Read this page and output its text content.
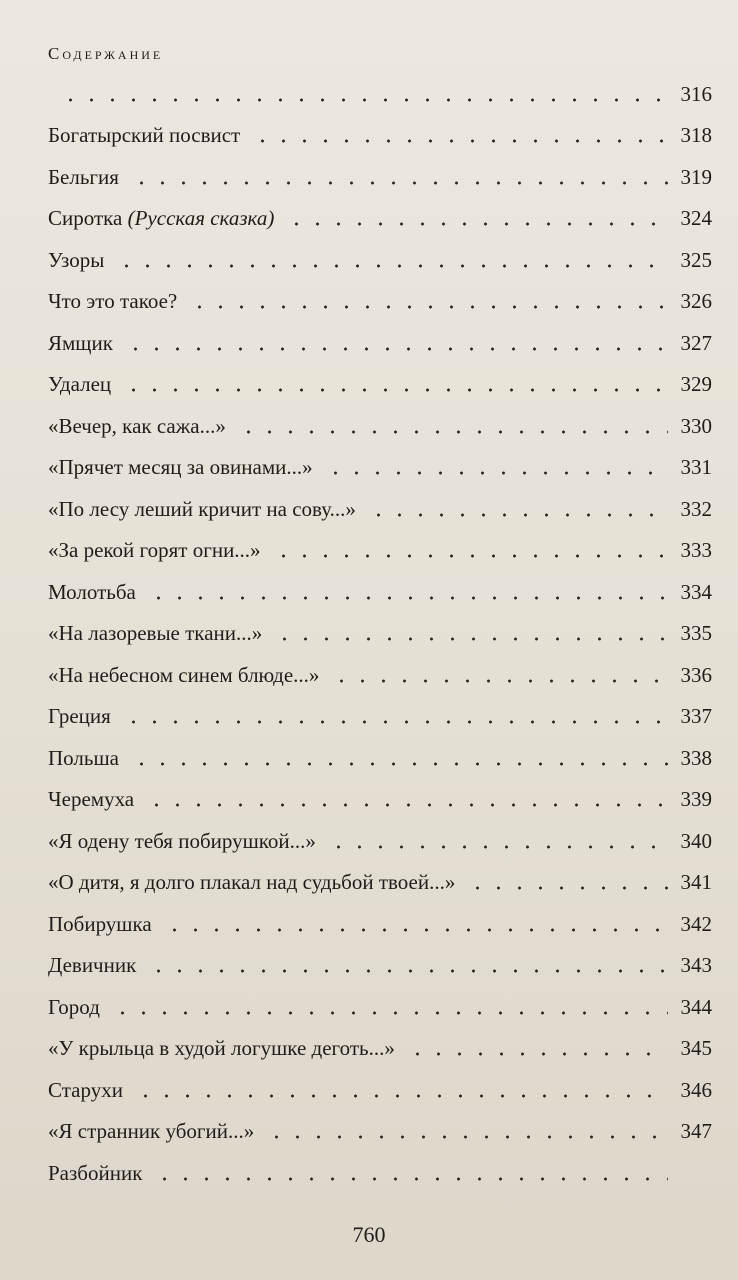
Содержание
316
Богатырский посвист	318
Бельгия	319
Сиротка (Русская сказка)	324
Узоры	325
Что это такое?	326
Ямщик	327
Удалец	329
«Вечер, как сажа...»	330
«Прячет месяц за овинами...»	331
«По лесу леший кричит на сову...»	332
«За рекой горят огни...»	333
Молотьба	334
«На лазоревые ткани...»	335
«На небесном синем блюде...»	336
Греция	337
Польша	338
Черемуха	339
«Я одену тебя побирушкой...»	340
«О дитя, я долго плакал над судьбой твоей...»	341
Побирушка	342
Девичник	343
Город	344
«У крыльца в худой логушке деготь...»	345
Старухи	346
«Я странник убогий...»	347
Разбойник
760
